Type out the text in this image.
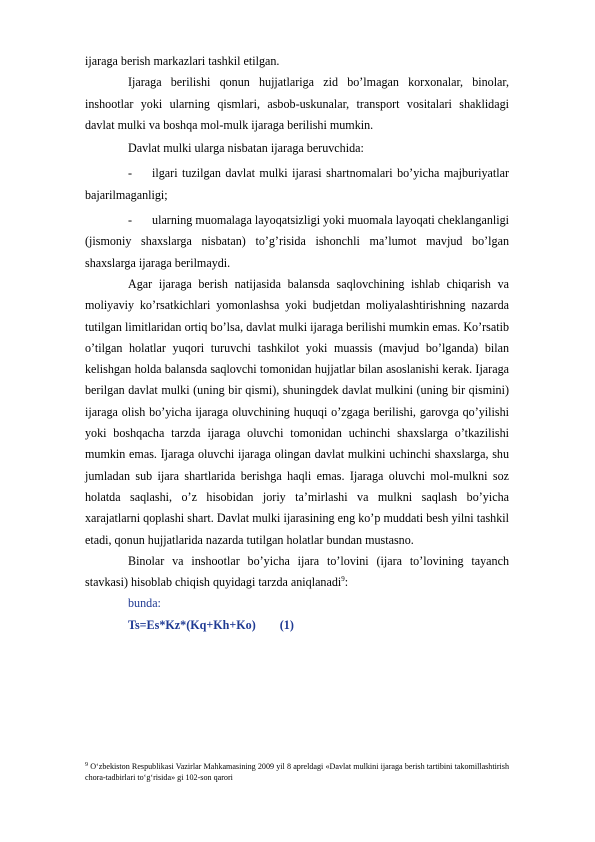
ijaraga berish markazlari tashkil etilgan.

Ijaraga berilishi qonun hujjatlariga zid bo’lmagan korxonalar, binolar, inshootlar yoki ularning qismlari, asbob-uskunalar, transport vositalari shaklidagi davlat mulki va boshqa mol-mulk ijaraga berilishi mumkin.

Davlat mulki ularga nisbatan ijaraga beruvchida:

- ilgari tuzilgan davlat mulki ijarasi shartnomalari bo’yicha majburiyatlar bajarilmaganligi;

- ularning muomalaga layoqatsizligi yoki muomala layoqati cheklanganligi (jismoniy shaxslarga nisbatan) to’g’risida ishonchli ma’lumot mavjud bo’lgan shaxslarga ijaraga berilmaydi.

Agar ijaraga berish natijasida balansda saqlovchining ishlab chiqarish va moliyaviy ko’rsatkichlari yomonlashsa yoki budjetdan moliyalashtirishning nazarda tutilgan limitlaridan ortiq bo’lsa, davlat mulki ijaraga berilishi mumkin emas. Ko’rsatib o’tilgan holatlar yuqori turuvchi tashkilot yoki muassis (mavjud bo’lganda) bilan kelishgan holda balansda saqlovchi tomonidan hujjatlar bilan asoslanishi kerak. Ijaraga berilgan davlat mulki (uning bir qismi), shuningdek davlat mulkini (uning bir qismini) ijaraga olish bo’yicha ijaraga oluvchining huquqi o’zgaga berilishi, garovga qo’yilishi yoki boshqacha tarzda ijaraga oluvchi tomonidan uchinchi shaxslarga o’tkazilishi mumkin emas. Ijaraga oluvchi ijaraga olingan davlat mulkini uchinchi shaxslarga, shu jumladan sub ijara shartlarida berishga haqli emas. Ijaraga oluvchi mol-mulkni soz holatda saqlashi, o’z hisobidan joriy ta’mirlashi va mulkni saqlash bo’yicha xarajatlarni qoplashi shart. Davlat mulki ijarasining eng ko’p muddati besh yilni tashkil etadi, qonun hujjatlarida nazarda tutilgan holatlar bundan mustasno.

Binolar va inshootlar bo’yicha ijara to’lovini (ijara to’lovining tayanch stavkasi) hisoblab chiqish quyidagi tarzda aniqlanadi$^9$:

bunda:

Ts=Es*Kz*(Kq+Kh+Ko) (1)

$^9$ O‘zbekiston Respublikasi Vazirlar Mahkamasining 2009 yil 8 apreldagi «Davlat mulkini ijaraga berish tartibini takomillashtirish chora-tadbirlari to‘g‘risida» gi 102-son qarori
